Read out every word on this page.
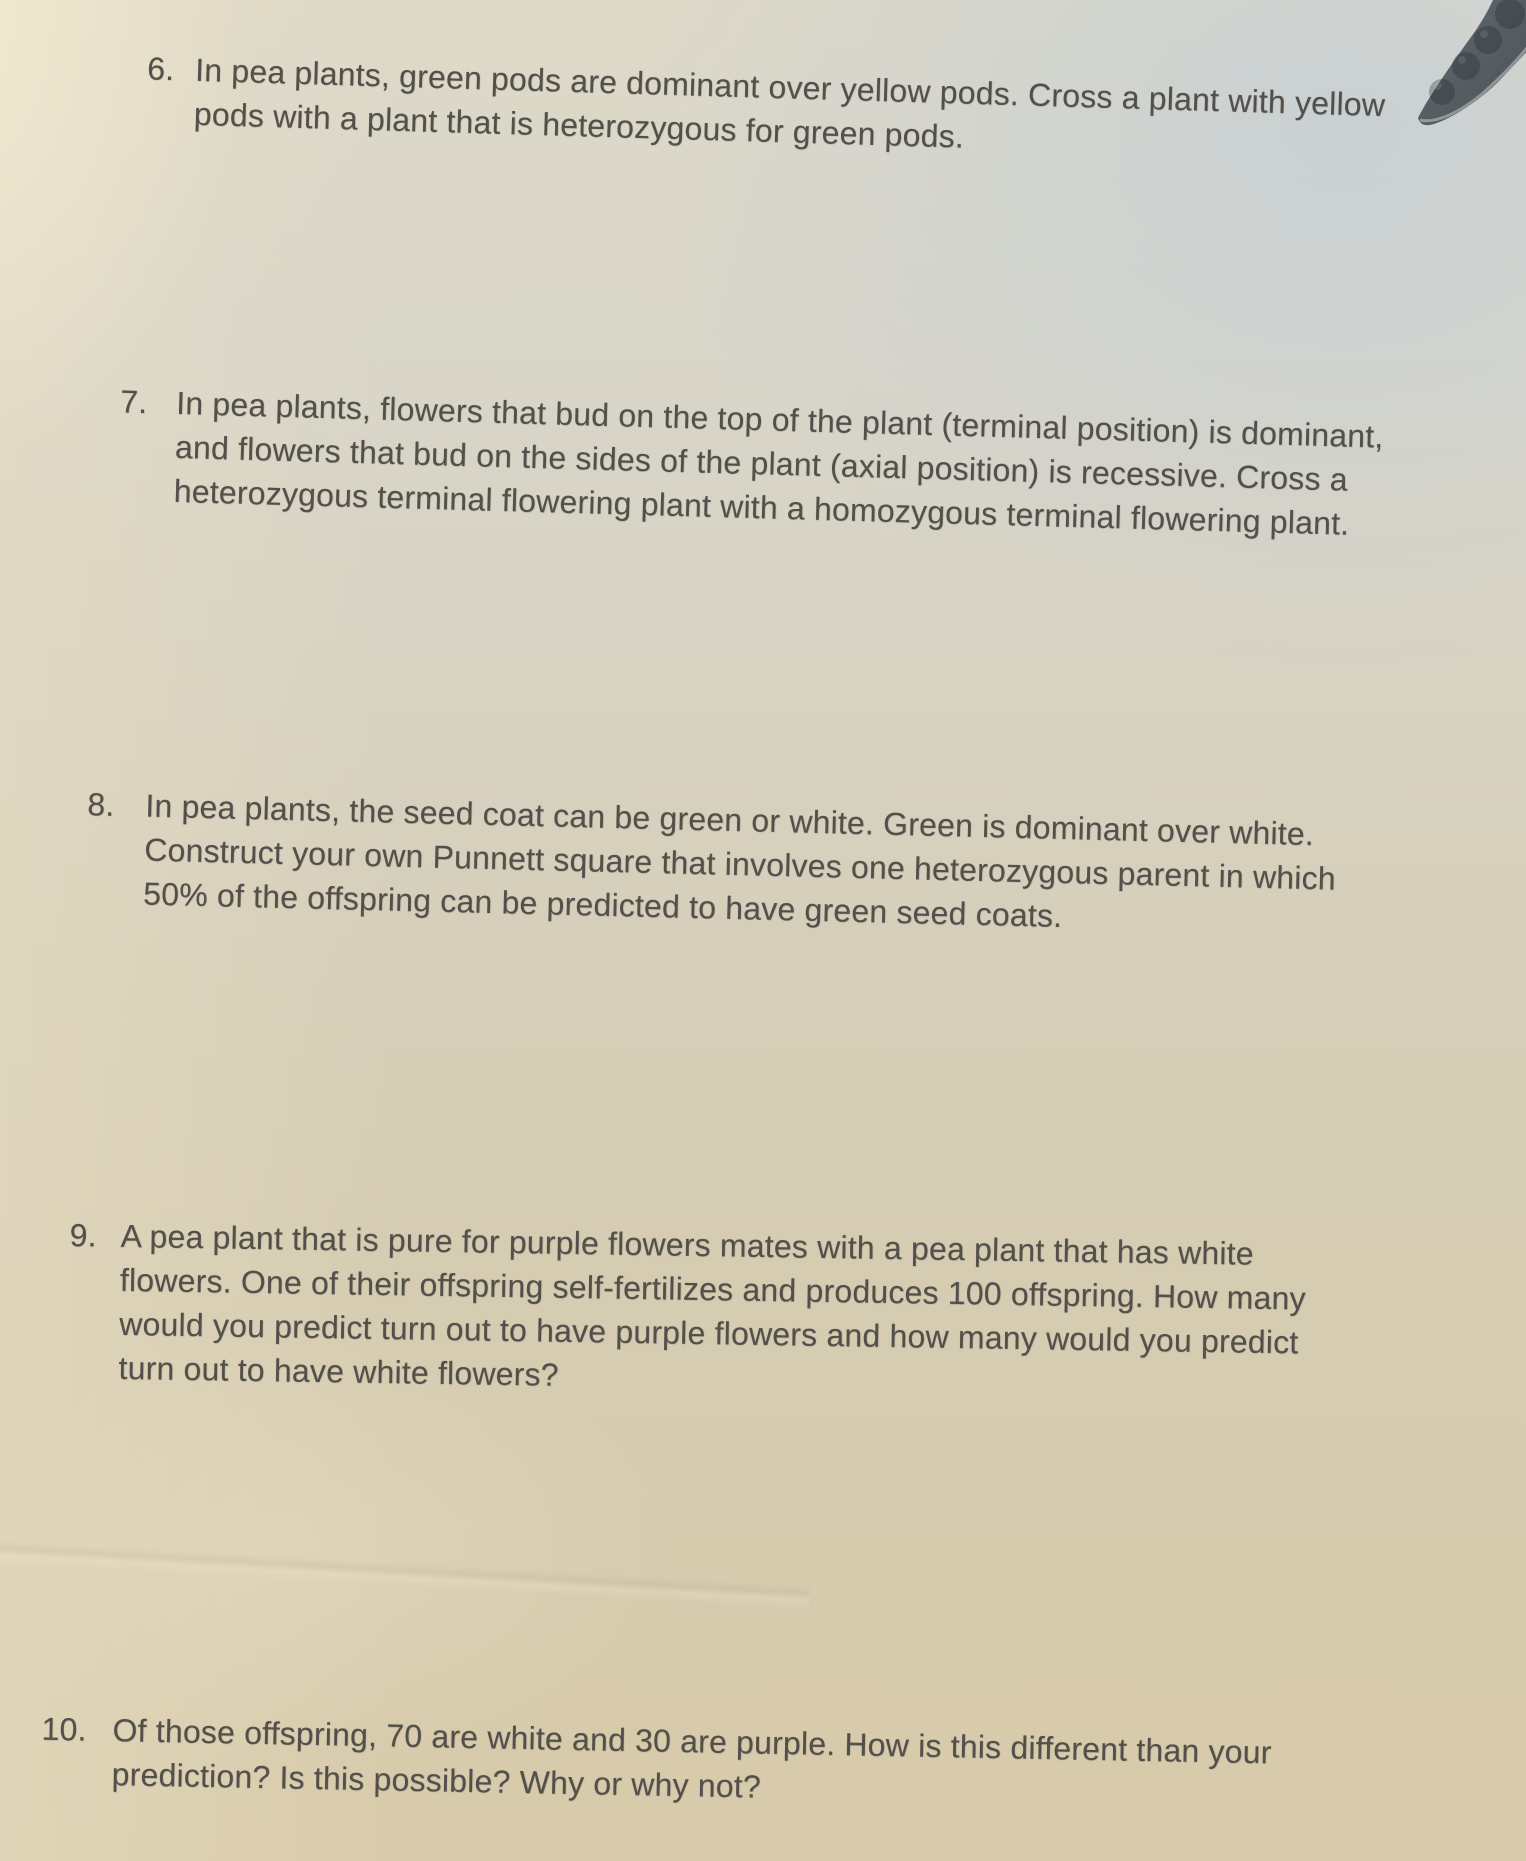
6. In pea plants, green pods are dominant over yellow pods. Cross a plant with yellow
pods with a plant that is heterozygous for green pods.
7. In pea plants, flowers that bud on the top of the plant (terminal position) is dominant,
and flowers that bud on the sides of the plant (axial position) is recessive. Cross a
heterozygous terminal flowering plant with a homozygous terminal flowering plant.
8. In pea plants, the seed coat can be green or white. Green is dominant over white.
Construct your own Punnett square that involves one heterozygous parent in which
50% of the offspring can be predicted to have green seed coats.
9. A pea plant that is pure for purple flowers mates with a pea plant that has white
flowers. One of their offspring self-fertilizes and produces 100 offspring. How many
would you predict turn out to have purple flowers and how many would you predict
turn out to have white flowers?
10. Of those offspring, 70 are white and 30 are purple. How is this different than your
prediction? Is this possible? Why or why not?
